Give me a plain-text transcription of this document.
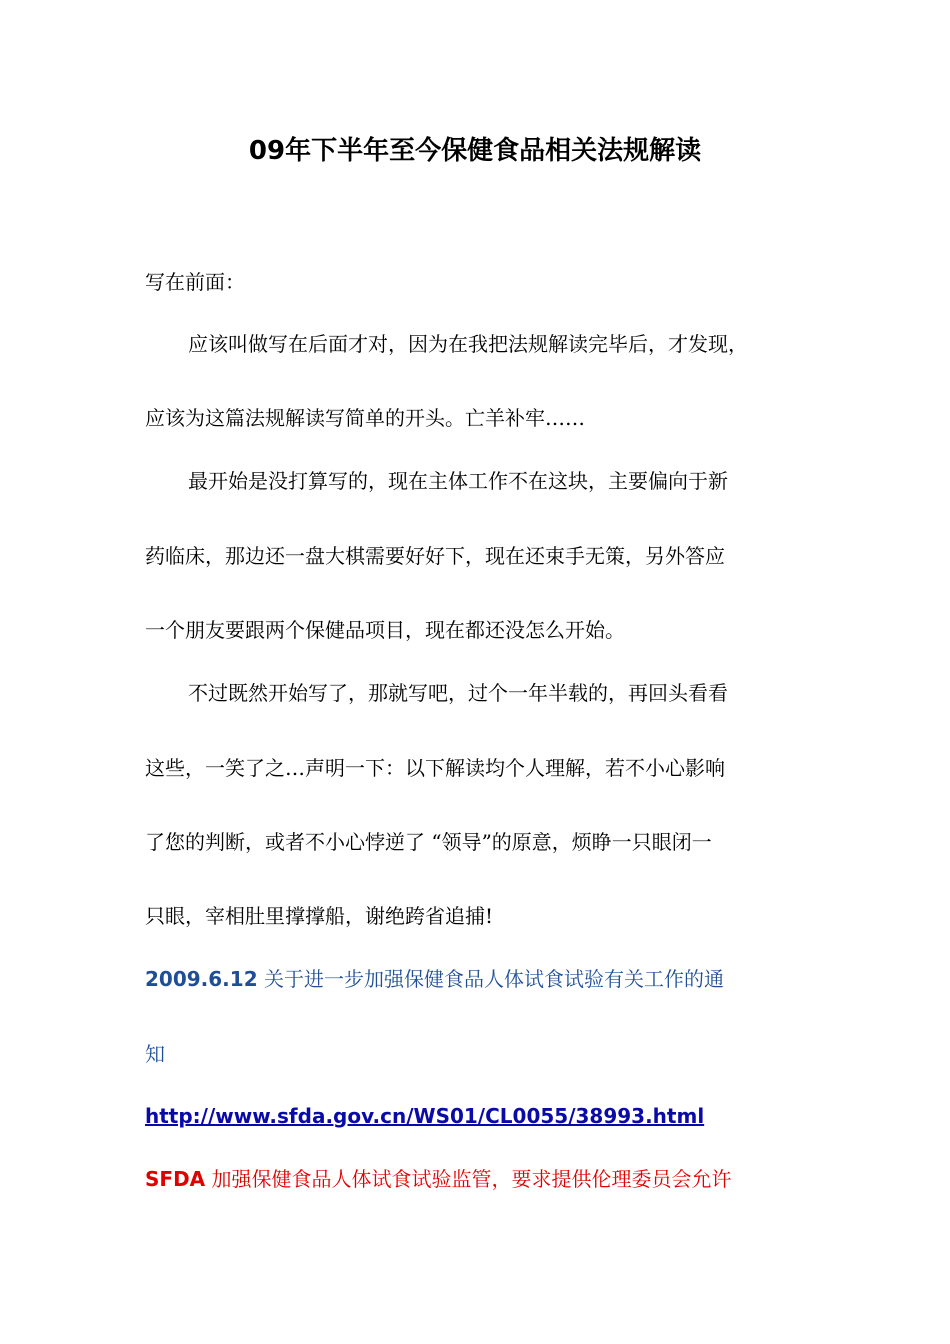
09年下半年至今保健食品相关法规解读
写在前面：
应该叫做写在后面才对，因为在我把法规解读完毕后，才发现，
应该为这篇法规解读写简单的开头。亡羊补牢……
最开始是没打算写的，现在主体工作不在这块，主要偏向于新
药临床，那边还一盘大棋需要好好下，现在还束手无策，另外答应
一个朋友要跟两个保健品项目，现在都还没怎么开始。
不过既然开始写了，那就写吧，过个一年半载的，再回头看看
这些，一笑了之…声明一下：以下解读均个人理解，若不小心影响
了您的判断，或者不小心悖逆了 “领导”的原意，烦睁一只眼闭一
只眼，宰相肚里撑撑船，谢绝跨省追捕!
2009.6.12 关于进一步加强保健食品人体试食试验有关工作的通
知
http://www.sfda.gov.cn/WS01/CL0055/38993.html
SFDA 加强保健食品人体试食试验监管，要求提供伦理委员会允许
